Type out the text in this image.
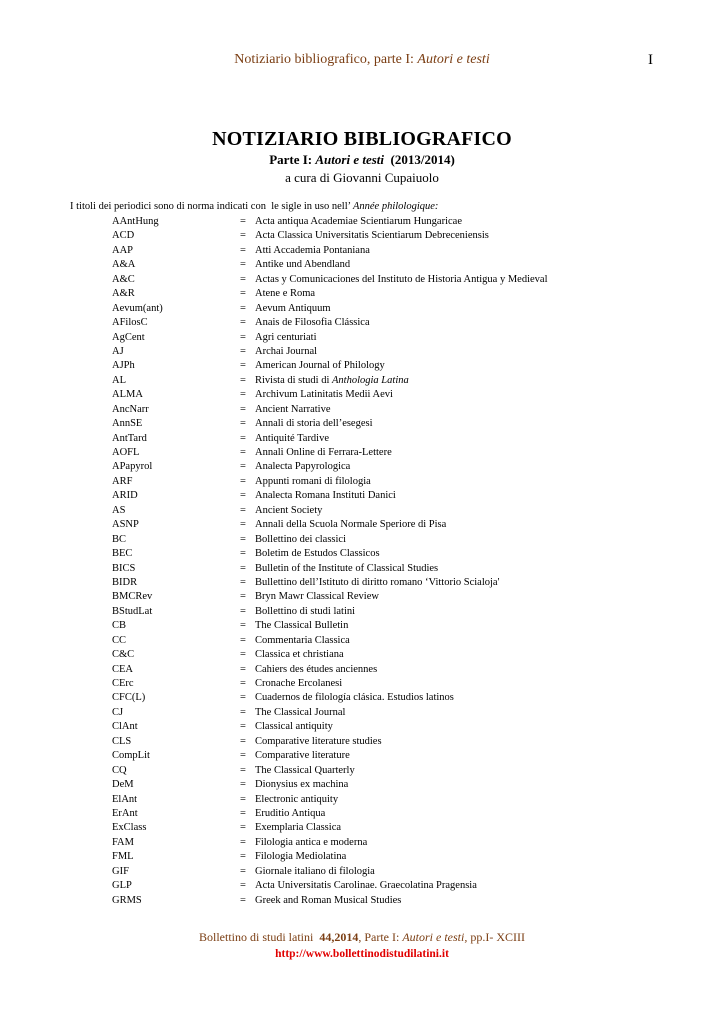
Notiziario bibliografico, parte I: Autori e testi	I
NOTIZIARIO BIBLIOGRAFICO
Parte I: Autori e testi  (2013/2014)
a cura di Giovanni Cupaiuolo
I titoli dei periodici sono di norma indicati con  le sigle in uso nell’ Année philologique:
AAntHung	= Acta antiqua Academiae Scientiarum Hungaricae
ACD	= Acta Classica Universitatis Scientiarum Debreceniensis
AAP	= Atti Accademia Pontaniana
A&A	= Antike und Abendland
A&C	= Actas y Comunicaciones del Instituto de Historia Antigua y Medieval
A&R	= Atene e Roma
Aevum(ant)	= Aevum Antiquum
AFilosC	= Anais de Filosofia Clássica
AgCent	= Agri centuriati
AJ	= Archai Journal
AJPh	= American Journal of Philology
AL	= Rivista di studi di Anthologia Latina
ALMA	= Archivum Latinitatis Medii Aevi
AncNarr	= Ancient Narrative
AnnSE	= Annali di storia dell’esegesi
AntTard	= Antiquité Tardive
AOFL	= Annali Online di Ferrara-Lettere
APapyrol	= Analecta Papyrologica
ARF	= Appunti romani di filologia
ARID	= Analecta Romana Instituti Danici
AS	= Ancient Society
ASNP	= Annali della Scuola Normale Speriore di Pisa
BC	= Bollettino dei classici
BEC	= Boletim de Estudos Classicos
BICS	= Bulletin of the Institute of Classical Studies
BIDR	= Bullettino dell’Istituto di diritto romano ‘Vittorio Scialoja'
BMCRev	= Bryn Mawr Classical Review
BStudLat	= Bollettino di studi latini
CB	= The Classical Bulletin
CC	= Commentaria Classica
C&C	= Classica et christiana
CEA	= Cahiers des études anciennes
CErc	= Cronache Ercolanesi
CFC(L)	= Cuadernos de filología clásica. Estudios latinos
CJ	= The Classical Journal
ClAnt	= Classical antiquity
CLS	= Comparative literature studies
CompLit	= Comparative literature
CQ	= The Classical Quarterly
DeM	= Dionysius ex machina
ElAnt	= Electronic antiquity
ErAnt	= Eruditio Antiqua
ExClass	= Exemplaria Classica
FAM	= Filologia antica e moderna
FML	= Filologia Mediolatina
GIF	= Giornale italiano di filologia
GLP	= Acta Universitatis Carolinae. Graecolatina Pragensia
GRMS	= Greek and Roman Musical Studies
Bollettino di studi latini  44,2014, Parte I: Autori e testi, pp.I- XCIII
http://www.bollettinodistudilatini.it
